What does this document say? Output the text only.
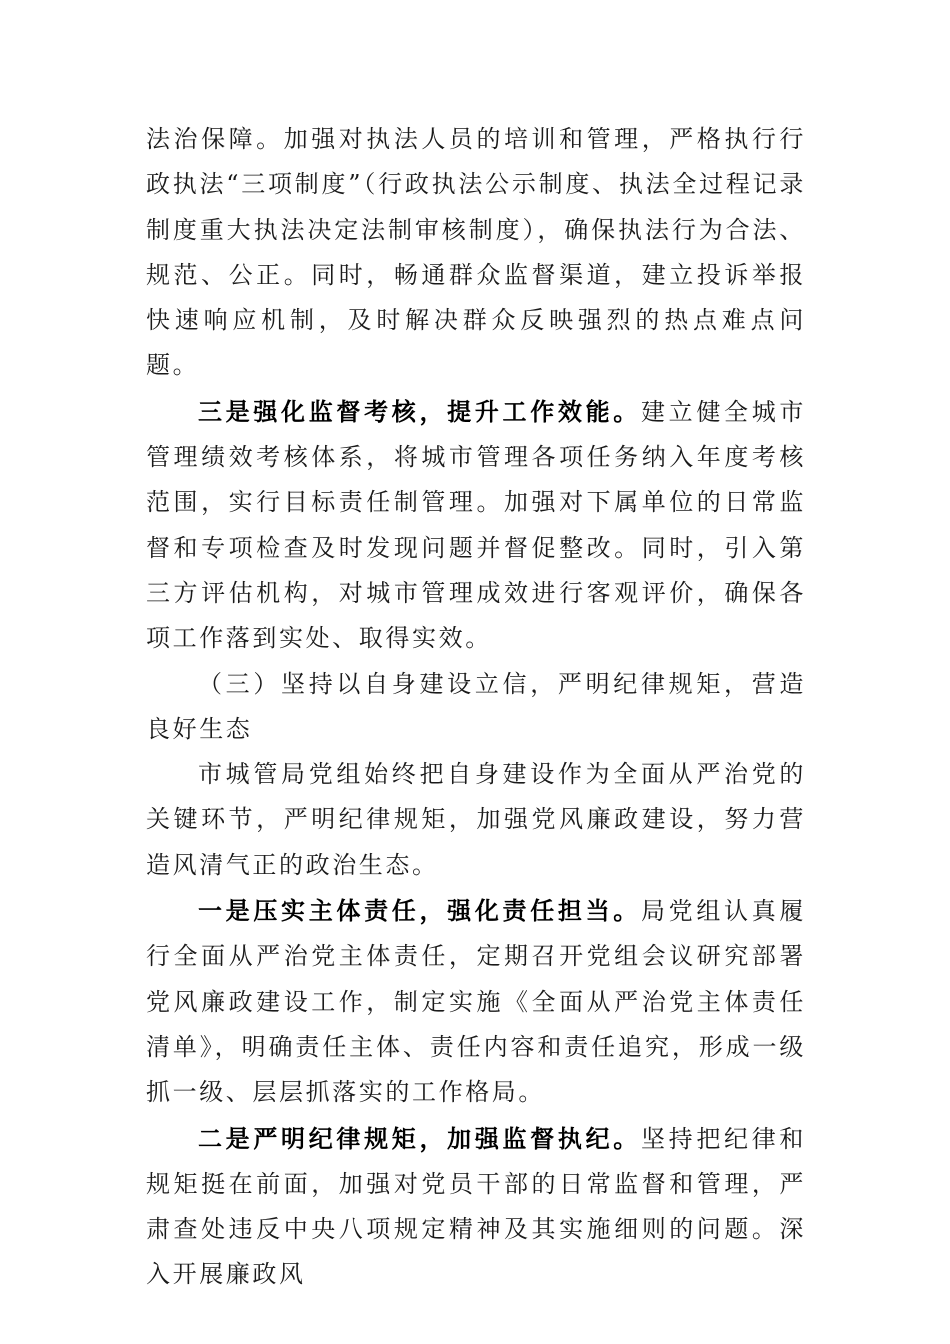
法治保障。加强对执法人员的培训和管理，严格执行行政执法“三项制度”（行政执法公示制度、执法全过程记录制度重大执法决定法制审核制度），确保执法行为合法、规范、公正。同时，畅通群众监督渠道，建立投诉举报快速响应机制，及时解决群众反映强烈的热点难点问题。

三是强化监督考核，提升工作效能。建立健全城市管理绩效考核体系，将城市管理各项任务纳入年度考核范围，实行目标责任制管理。加强对下属单位的日常监督和专项检查及时发现问题并督促整改。同时，引入第三方评估机构，对城市管理成效进行客观评价，确保各项工作落到实处、取得实效。

（三）坚持以自身建设立信，严明纪律规矩，营造良好生态

市城管局党组始终把自身建设作为全面从严治党的关键环节，严明纪律规矩，加强党风廉政建设，努力营造风清气正的政治生态。

一是压实主体责任，强化责任担当。局党组认真履行全面从严治党主体责任，定期召开党组会议研究部署党风廉政建设工作，制定实施《全面从严治党主体责任清单》，明确责任主体、责任内容和责任追究，形成一级抓一级、层层抓落实的工作格局。

二是严明纪律规矩，加强监督执纪。坚持把纪律和规矩挺在前面，加强对党员干部的日常监督和管理，严肃查处违反中央八项规定精神及其实施细则的问题。深入开展廉政风
